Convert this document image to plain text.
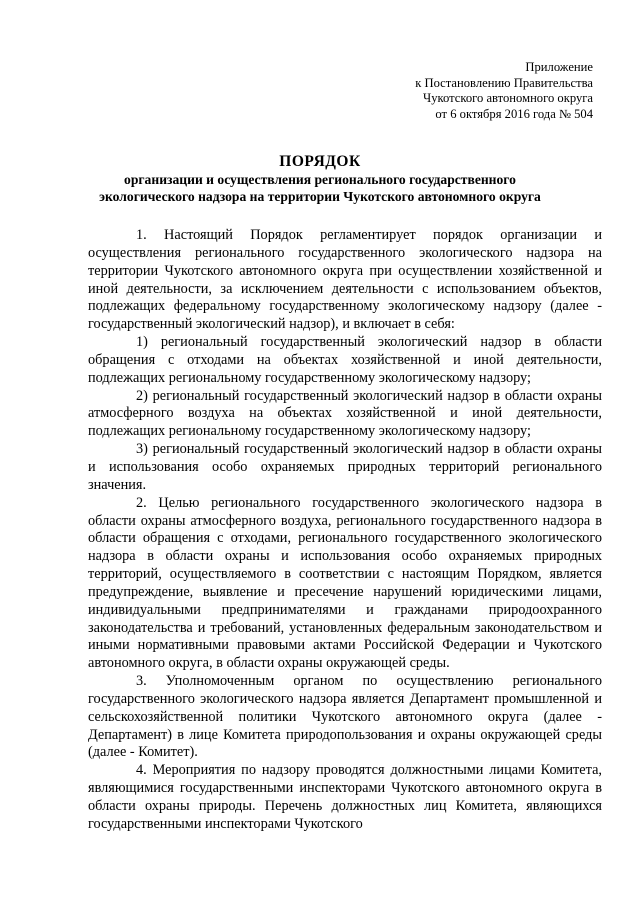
Приложение
к Постановлению Правительства
Чукотского автономного округа
от 6 октября 2016 года № 504
ПОРЯДОК
организации и осуществления регионального государственного
экологического надзора на территории Чукотского автономного округа

1. Настоящий Порядок регламентирует порядок организации и осуществления регионального государственного экологического надзора на территории Чукотского автономного округа при осуществлении хозяйственной и иной деятельности, за исключением деятельности с использованием объектов, подлежащих федеральному государственному экологическому надзору (далее - государственный экологический надзор), и включает в себя:

1) региональный государственный экологический надзор в области обращения с отходами на объектах хозяйственной и иной деятельности, подлежащих региональному государственному экологическому надзору;

2) региональный государственный экологический надзор в области охраны атмосферного воздуха на объектах хозяйственной и иной деятельности, подлежащих региональному государственному экологическому надзору;

3) региональный государственный экологический надзор в области охраны и использования особо охраняемых природных территорий регионального значения.

2. Целью регионального государственного экологического надзора в области охраны атмосферного воздуха, регионального государственного надзора в области обращения с отходами, регионального государственного экологического надзора в области охраны и использования особо охраняемых природных территорий, осуществляемого в соответствии с настоящим Порядком, является предупреждение, выявление и пресечение нарушений юридическими лицами, индивидуальными предпринимателями и гражданами природоохранного законодательства и требований, установленных федеральным законодательством и иными нормативными правовыми актами Российской Федерации и Чукотского автономного округа, в области охраны окружающей среды.

3. Уполномоченным органом по осуществлению регионального государственного экологического надзора является Департамент промышленной и сельскохозяйственной политики Чукотского автономного округа (далее - Департамент) в лице Комитета природопользования и охраны окружающей среды (далее - Комитет).

4. Мероприятия по надзору проводятся должностными лицами Комитета, являющимися государственными инспекторами Чукотского автономного округа в области охраны природы. Перечень должностных лиц Комитета, являющихся государственными инспекторами Чукотского
